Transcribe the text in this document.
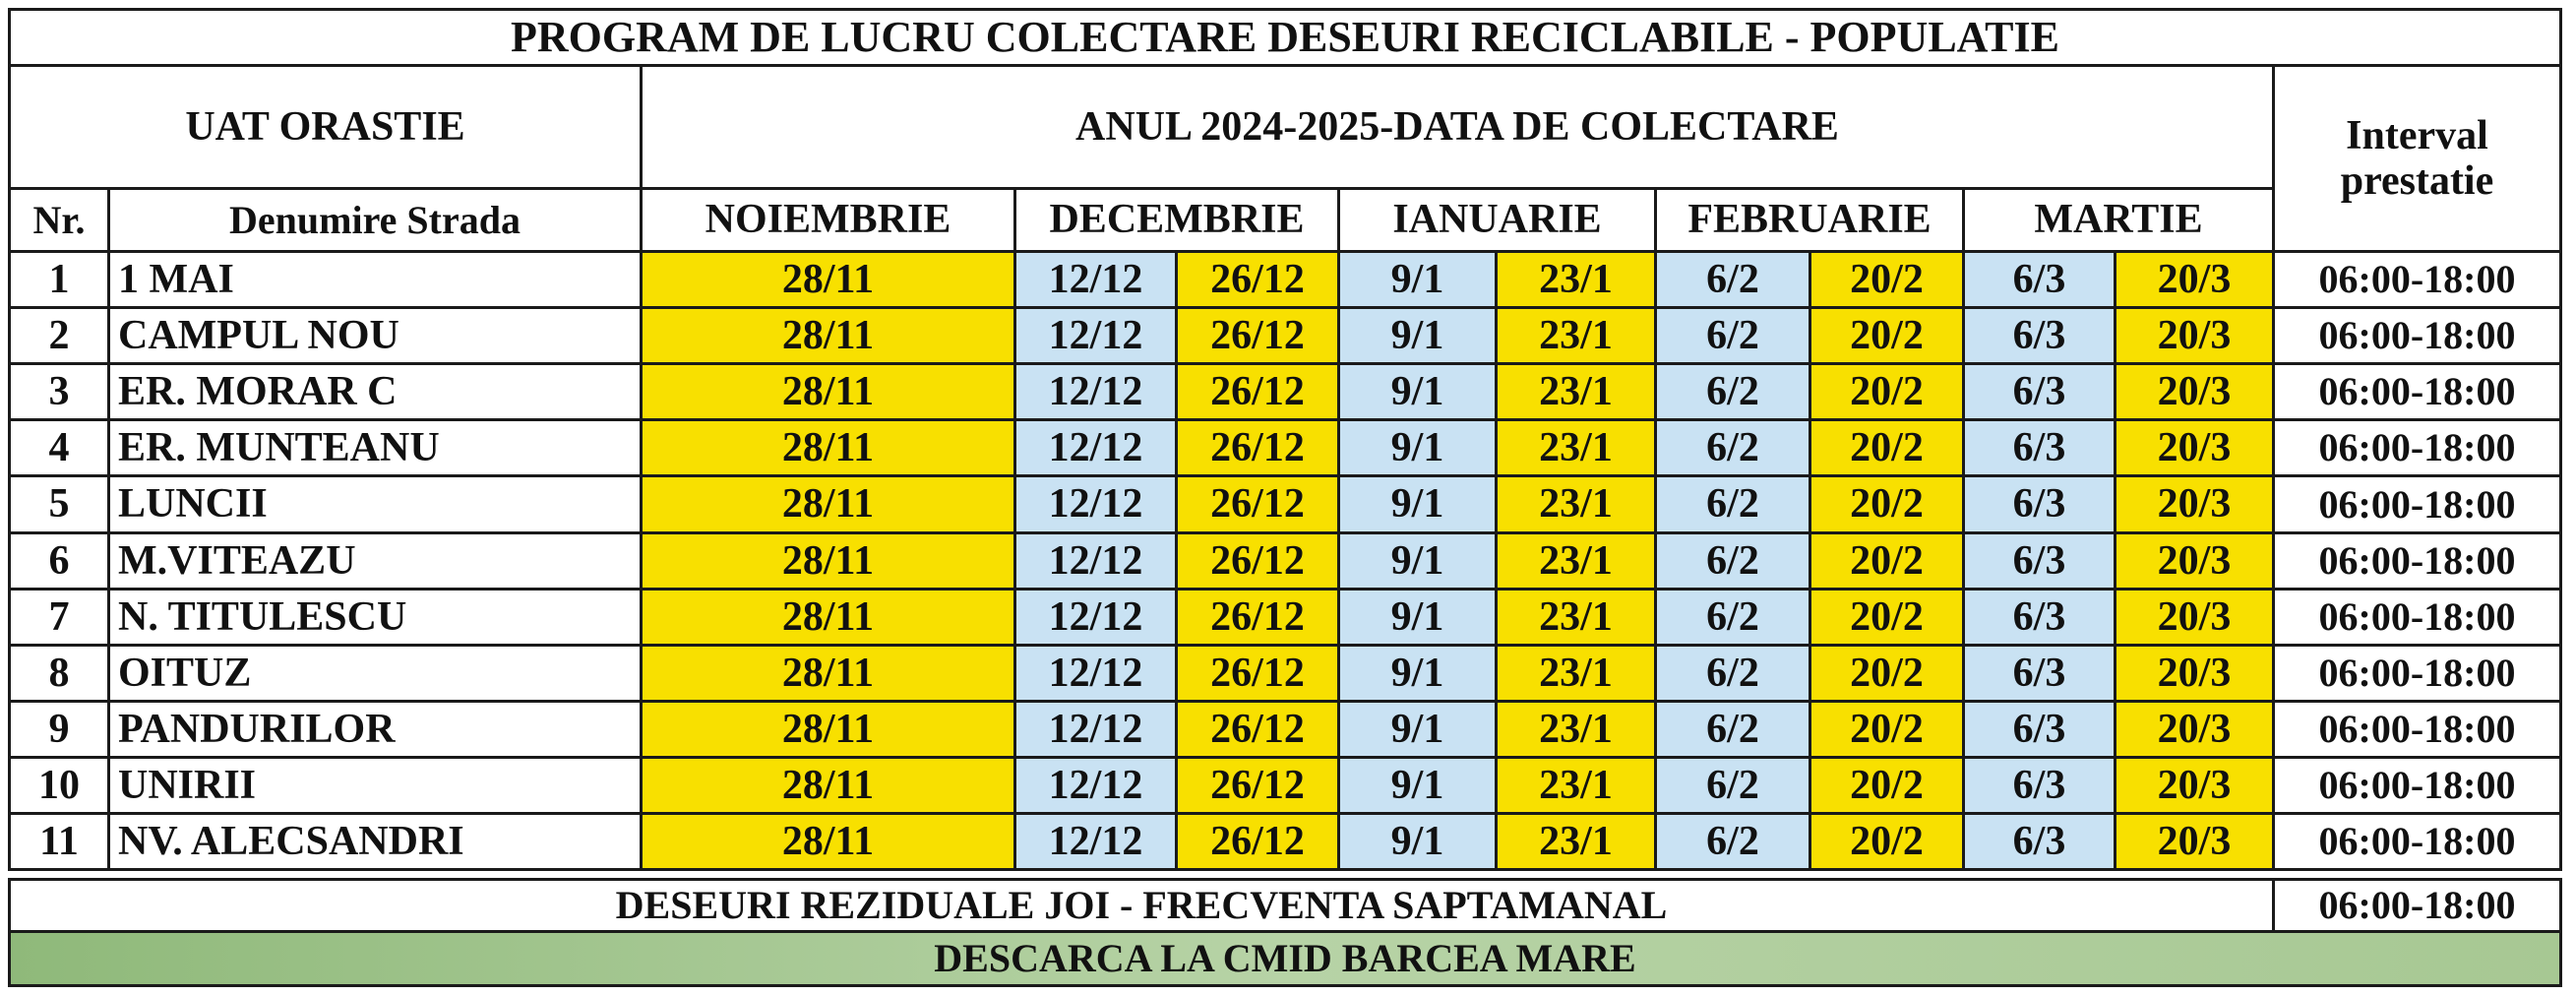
PROGRAM DE LUCRU COLECTARE DESEURI RECICLABILE - POPULATIE
UAT ORASTIE	ANUL 2024-2025-DATA DE COLECTARE	Interval prestatie
Nr.	Denumire Strada	NOIEMBRIE	DECEMBRIE	IANUARIE	FEBRUARIE	MARTIE
1	1 MAI	28/11	12/12	26/12	9/1	23/1	6/2	20/2	6/3	20/3	06:00-18:00
2	CAMPUL NOU	28/11	12/12	26/12	9/1	23/1	6/2	20/2	6/3	20/3	06:00-18:00
3	ER. MORAR C	28/11	12/12	26/12	9/1	23/1	6/2	20/2	6/3	20/3	06:00-18:00
4	ER. MUNTEANU	28/11	12/12	26/12	9/1	23/1	6/2	20/2	6/3	20/3	06:00-18:00
5	LUNCII	28/11	12/12	26/12	9/1	23/1	6/2	20/2	6/3	20/3	06:00-18:00
6	M.VITEAZU	28/11	12/12	26/12	9/1	23/1	6/2	20/2	6/3	20/3	06:00-18:00
7	N. TITULESCU	28/11	12/12	26/12	9/1	23/1	6/2	20/2	6/3	20/3	06:00-18:00
8	OITUZ	28/11	12/12	26/12	9/1	23/1	6/2	20/2	6/3	20/3	06:00-18:00
9	PANDURILOR	28/11	12/12	26/12	9/1	23/1	6/2	20/2	6/3	20/3	06:00-18:00
10 UNIRII	28/11	12/12	26/12	9/1	23/1	6/2	20/2	6/3	20/3	06:00-18:00
11 NV. ALECSANDRI	28/11	12/12	26/12	9/1	23/1	6/2	20/2	6/3	20/3	06:00-18:00
DESEURI REZIDUALE JOI - FRECVENTA SAPTAMANAL	06:00-18:00
DESCARCA LA CMID BARCEA MARE
